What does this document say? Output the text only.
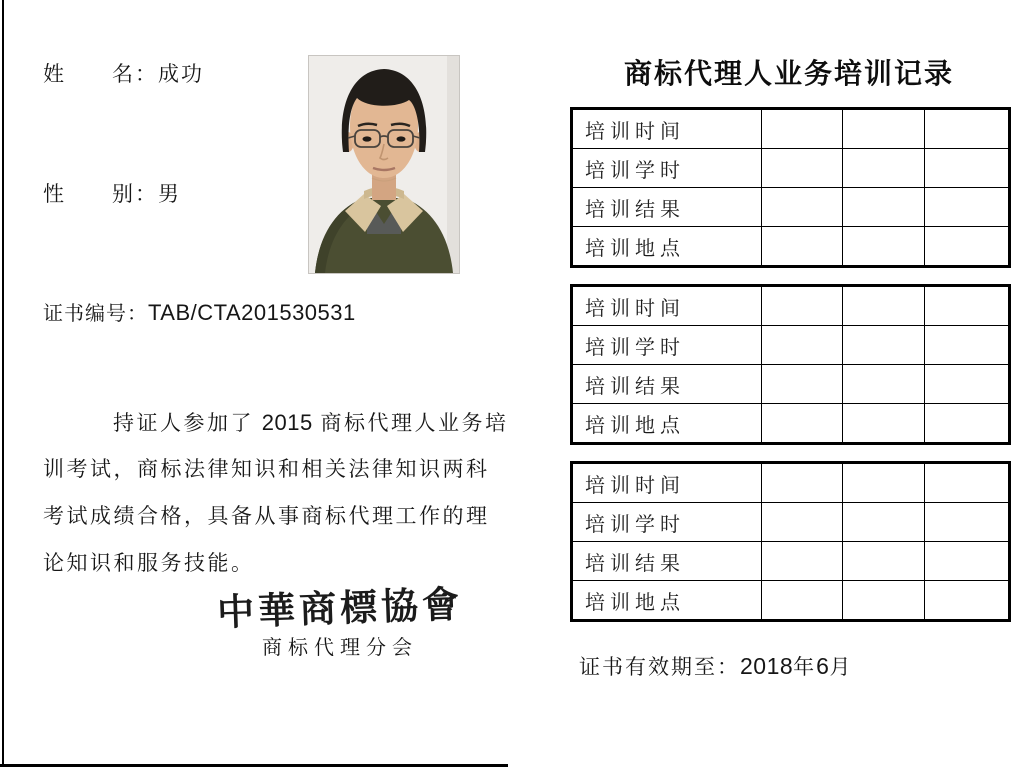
姓　　名：成功
性　　别：男
证书编号：TAB/CTA201530531
持证人参加了 2015 商标代理人业务培
训考试，商标法律知识和相关法律知识两科
考试成绩合格，具备从事商标代理工作的理
论知识和服务技能。
中華商標協會
商标代理分会
商标代理人业务培训记录
培训时间			
培训学时			
培训结果			
培训地点			
培训时间			
培训学时			
培训结果			
培训地点			
培训时间			
培训学时			
培训结果			
培训地点			
证书有效期至：2018年6月
